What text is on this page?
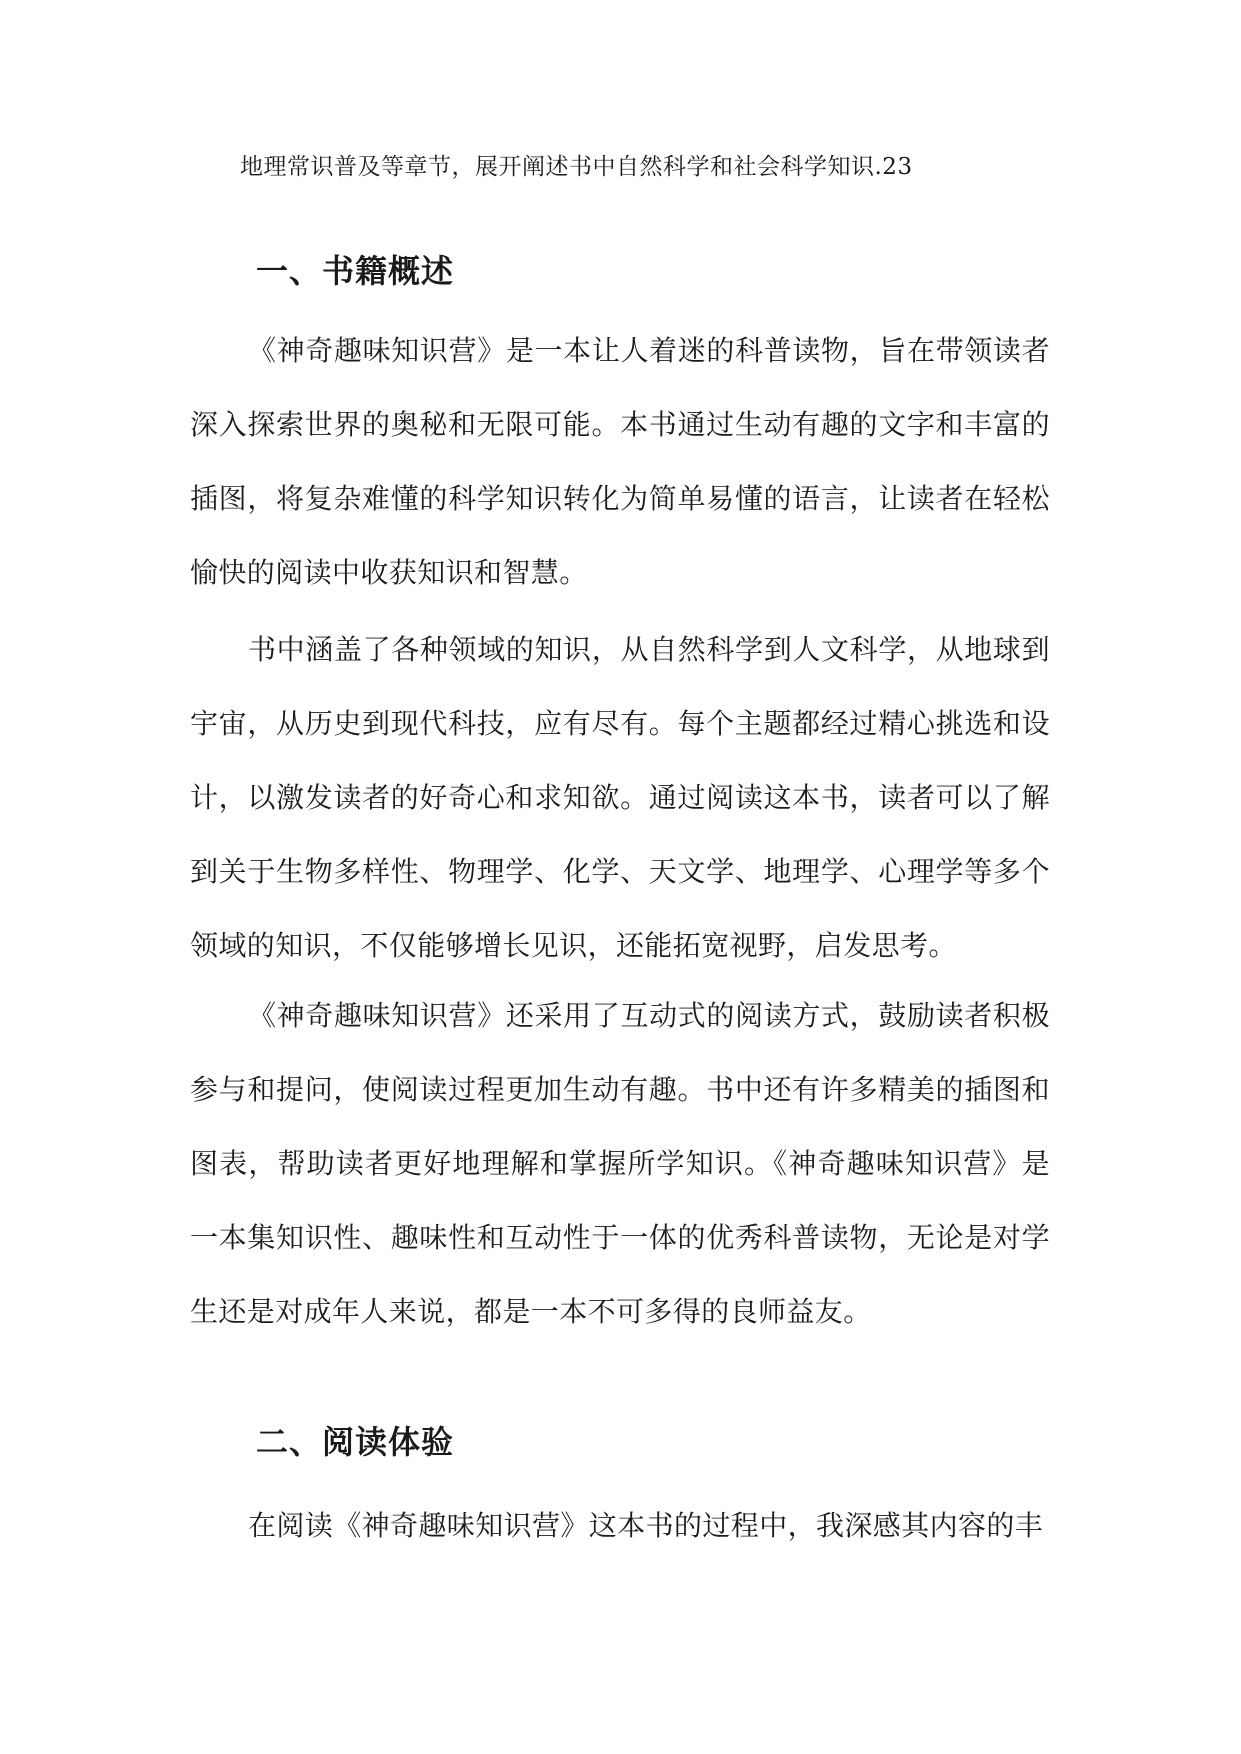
地理常识普及等章节，展开阐述书中自然科学和社会科学知识.23
一、书籍概述

《神奇趣味知识营》是一本让人着迷的科普读物，旨在带领读者深入探索世界的奥秘和无限可能。本书通过生动有趣的文字和丰富的插图，将复杂难懂的科学知识转化为简单易懂的语言，让读者在轻松愉快的阅读中收获知识和智慧。

书中涵盖了各种领域的知识，从自然科学到人文科学，从地球到宇宙，从历史到现代科技，应有尽有。每个主题都经过精心挑选和设计，以激发读者的好奇心和求知欲。通过阅读这本书，读者可以了解到关于生物多样性、物理学、化学、天文学、地理学、心理学等多个领域的知识，不仅能够增长见识，还能拓宽视野，启发思考。

《神奇趣味知识营》还采用了互动式的阅读方式，鼓励读者积极参与和提问，使阅读过程更加生动有趣。书中还有许多精美的插图和图表，帮助读者更好地理解和掌握所学知识。《神奇趣味知识营》是一本集知识性、趣味性和互动性于一体的优秀科普读物，无论是对学生还是对成年人来说，都是一本不可多得的良师益友。

二、阅读体验

在阅读《神奇趣味知识营》这本书的过程中，我深感其内容的丰
